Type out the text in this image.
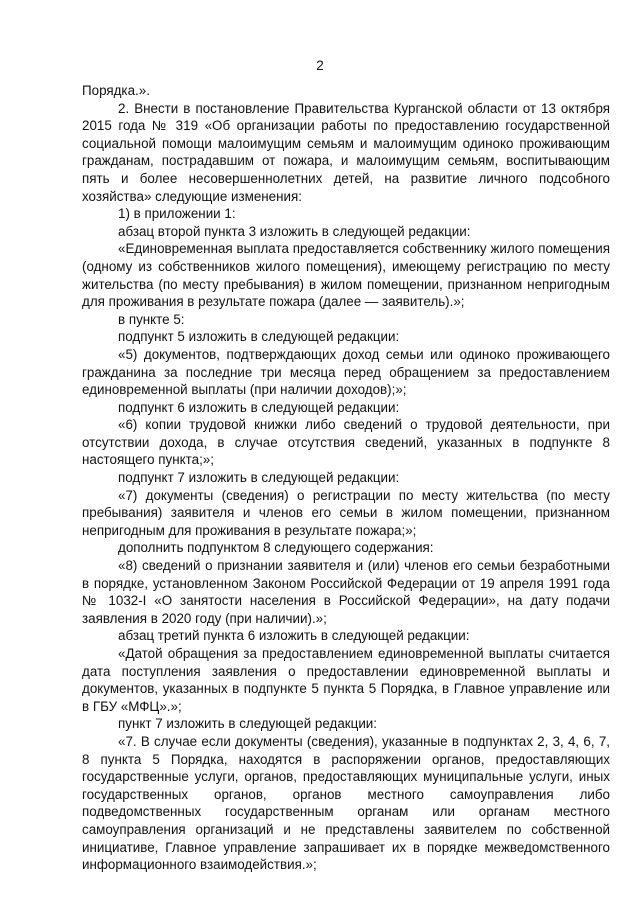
2

Порядка.».

2. Внести в постановление Правительства Курганской области от 13 октября 2015 года № 319 «Об организации работы по предоставлению государственной социальной помощи малоимущим семьям и малоимущим одиноко проживающим гражданам, пострадавшим от пожара, и малоимущим семьям, воспитывающим пять и более несовершеннолетних детей, на развитие личного подсобного хозяйства» следующие изменения:

1) в приложении 1:

абзац второй пункта 3 изложить в следующей редакции:

«Единовременная выплата предоставляется собственнику жилого помещения (одному из собственников жилого помещения), имеющему регистрацию по месту жительства (по месту пребывания) в жилом помещении, признанном непригодным для проживания в результате пожара (далее — заявитель).»;

в пункте 5:

подпункт 5 изложить в следующей редакции:

«5) документов, подтверждающих доход семьи или одиноко проживающего гражданина за последние три месяца перед обращением за предоставлением единовременной выплаты (при наличии доходов);»;

подпункт 6 изложить в следующей редакции:

«6) копии трудовой книжки либо сведений о трудовой деятельности, при отсутствии дохода, в случае отсутствия сведений, указанных в подпункте 8 настоящего пункта;»;

подпункт 7 изложить в следующей редакции:

«7) документы (сведения) о регистрации по месту жительства (по месту пребывания) заявителя и членов его семьи в жилом помещении, признанном непригодным для проживания в результате пожара;»;

дополнить подпунктом 8 следующего содержания:

«8) сведений о признании заявителя и (или) членов его семьи безработными в порядке, установленном Законом Российской Федерации от 19 апреля 1991 года № 1032-I «О занятости населения в Российской Федерации», на дату подачи заявления в 2020 году (при наличии).»;

абзац третий пункта 6 изложить в следующей редакции:

«Датой обращения за предоставлением единовременной выплаты считается дата поступления заявления о предоставлении единовременной выплаты и документов, указанных в подпункте 5 пункта 5 Порядка, в Главное управление или в ГБУ «МФЦ».»;

пункт 7 изложить в следующей редакции:

«7. В случае если документы (сведения), указанные в подпунктах 2, 3, 4, 6, 7, 8 пункта 5 Порядка, находятся в распоряжении органов, предоставляющих государственные услуги, органов, предоставляющих муниципальные услуги, иных государственных органов, органов местного самоуправления либо подведомственных государственным органам или органам местного самоуправления организаций и не представлены заявителем по собственной инициативе, Главное управление запрашивает их в порядке межведомственного информационного взаимодействия.»;
